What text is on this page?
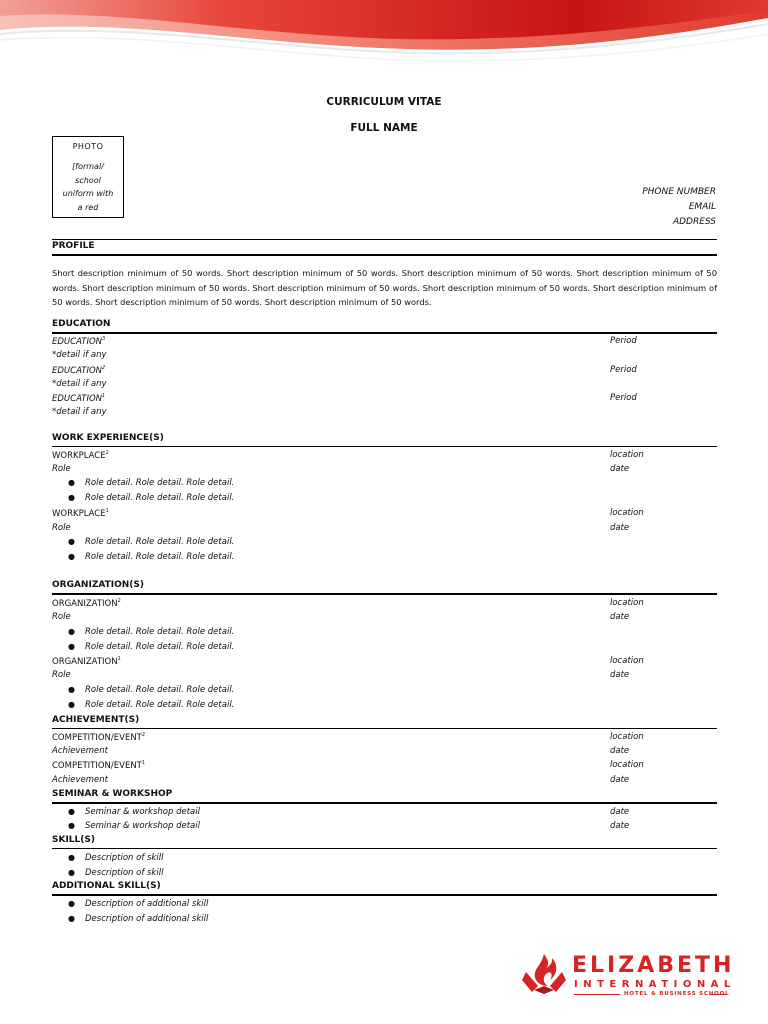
CURRICULUM VITAE
FULL NAME
PHOTO
[formal/
school
uniform with
a red
PHONE NUMBER
EMAIL
ADDRESS
PROFILE
Short description minimum of 50 words. Short description minimum of 50 words. Short description minimum of 50 words. Short description minimum of 50 words. Short description minimum of 50 words. Short description minimum of 50 words. Short description minimum of 50 words. Short description minimum of 50 words. Short description minimum of 50 words. Short description minimum of 50 words.
EDUCATION
EDUCATION$^3$	Period
*detail if any
EDUCATION$^2$	Period
*detail if any
EDUCATION$^1$	Period
*detail if any
WORK EXPERIENCE(S)
WORKPLACE$^2$	location
Role	date
● Role detail. Role detail. Role detail.
● Role detail. Role detail. Role detail.
WORKPLACE$^1$	location
Role	date
● Role detail. Role detail. Role detail.
● Role detail. Role detail. Role detail.
ORGANIZATION(S)
ORGANIZATION$^2$	location
Role	date
● Role detail. Role detail. Role detail.
● Role detail. Role detail. Role detail.
ORGANIZATION$^1$	location
Role	date
● Role detail. Role detail. Role detail.
● Role detail. Role detail. Role detail.
ACHIEVEMENT(S)
COMPETITION/EVENT$^2$	location
Achievement	date
COMPETITION/EVENT$^1$	location
Achievement	date
SEMINAR & WORKSHOP
● Seminar & workshop detail	date
● Seminar & workshop detail	date
SKILL(S)
● Description of skill
● Description of skill
ADDITIONAL SKILL(S)
● Description of additional skill
● Description of additional skill
ELIZABETH
INTERNATIONAL
HOTEL & BUSINESS SCHOOL
